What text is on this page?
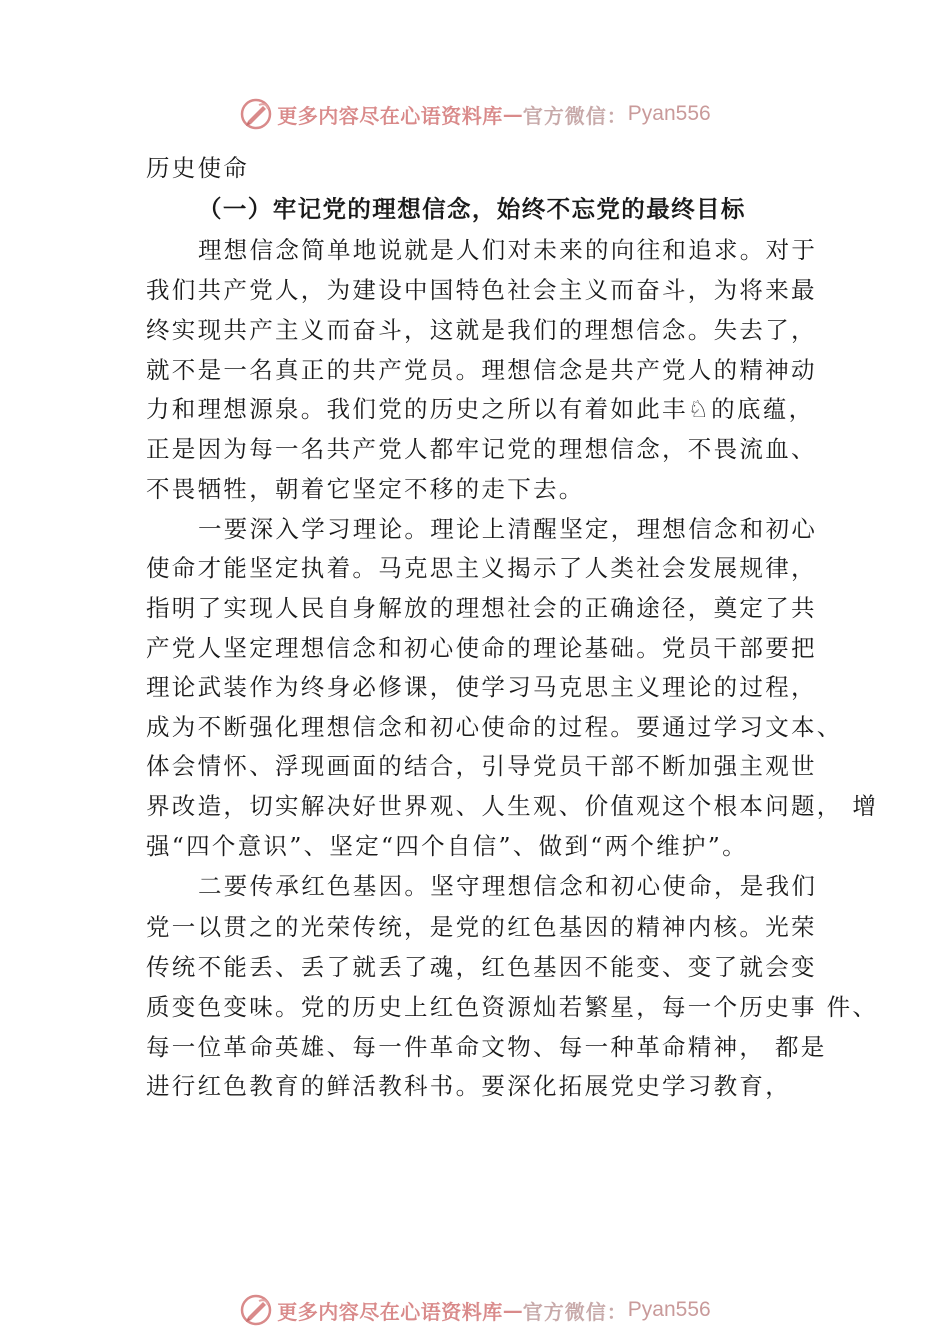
更多内容尽在心语资料库 — 官方微信： Pyan556
历史使命
（一）牢记党的理想信念，始终不忘党的最终目标
理想信念简单地说就是人们对未来的向往和追求。对于
我们共产党人，为建设中国特色社会主义而奋斗，为将来最
终实现共产主义而奋斗，这就是我们的理想信念。失去了，
就不是一名真正的共产党员。理想信念是共产党人的精神动
力和理想源泉。我们党的历史之所以有着如此丰♘的底蕴，
正是因为每一名共产党人都牢记党的理想信念，不畏流血、
不畏牺牲，朝着它坚定不移的走下去。
一要深入学习理论。理论上清醒坚定，理想信念和初心
使命才能坚定执着。马克思主义揭示了人类社会发展规律，
指明了实现人民自身解放的理想社会的正确途径，奠定了共
产党人坚定理想信念和初心使命的理论基础。党员干部要把
理论武装作为终身必修课，使学习马克思主义理论的过程，
成为不断强化理想信念和初心使命的过程。要通过学习文本、
体会情怀、浮现画面的结合，引导党员干部不断加强主观世
界改造，切实解决好世界观、人生观、价值观这个根本问题， 增
强“四个意识”、坚定“四个自信”、做到“两个维护”。
二要传承红色基因。坚守理想信念和初心使命，是我们
党一以贯之的光荣传统，是党的红色基因的精神内核。光荣
传统不能丢、丢了就丢了魂，红色基因不能变、变了就会变
质变色变味。党的历史上红色资源灿若繁星，每一个历史事 件、
每一位革命英雄、每一件革命文物、每一种革命精神， 都是
进行红色教育的鲜活教科书。要深化拓展党史学习教育，
更多内容尽在心语资料库 — 官方微信： Pyan556
